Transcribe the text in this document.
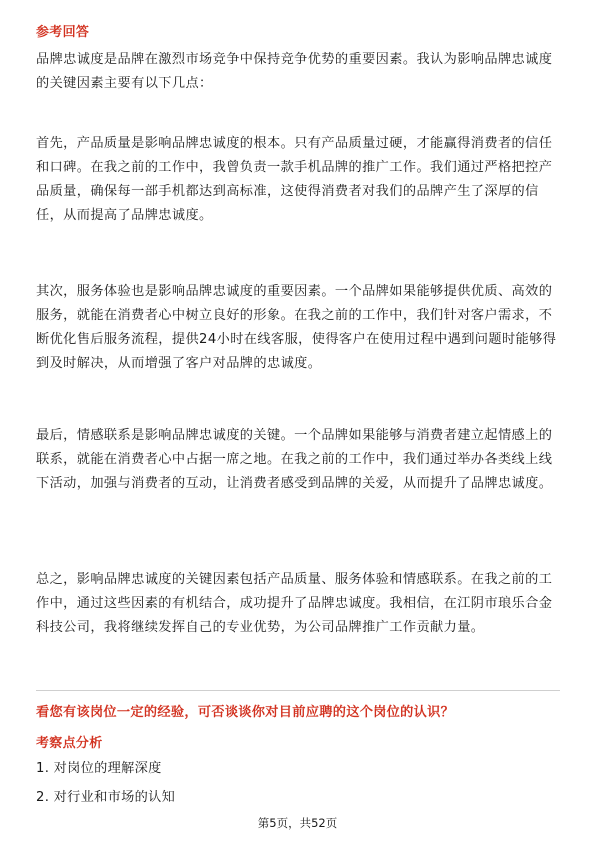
参考回答

品牌忠诚度是品牌在激烈市场竞争中保持竞争优势的重要因素。我认为影响品牌忠诚度的关键因素主要有以下几点：

首先，产品质量是影响品牌忠诚度的根本。只有产品质量过硬，才能赢得消费者的信任和口碑。在我之前的工作中，我曾负责一款手机品牌的推广工作。我们通过严格把控产品质量，确保每一部手机都达到高标准，这使得消费者对我们的品牌产生了深厚的信任，从而提高了品牌忠诚度。

其次，服务体验也是影响品牌忠诚度的重要因素。一个品牌如果能够提供优质、高效的服务，就能在消费者心中树立良好的形象。在我之前的工作中，我们针对客户需求，不断优化售后服务流程，提供24小时在线客服，使得客户在使用过程中遇到问题时能够得到及时解决，从而增强了客户对品牌的忠诚度。

最后，情感联系是影响品牌忠诚度的关键。一个品牌如果能够与消费者建立起情感上的联系，就能在消费者心中占据一席之地。在我之前的工作中，我们通过举办各类线上线下活动，加强与消费者的互动，让消费者感受到品牌的关爱，从而提升了品牌忠诚度。

总之，影响品牌忠诚度的关键因素包括产品质量、服务体验和情感联系。在我之前的工作中，通过这些因素的有机结合，成功提升了品牌忠诚度。我相信，在江阴市琅乐合金科技公司，我将继续发挥自己的专业优势，为公司品牌推广工作贡献力量。

看您有该岗位一定的经验，可否谈谈你对目前应聘的这个岗位的认识？
考察点分析
1. 对岗位的理解深度
2. 对行业和市场的认知
第5页，共52页
